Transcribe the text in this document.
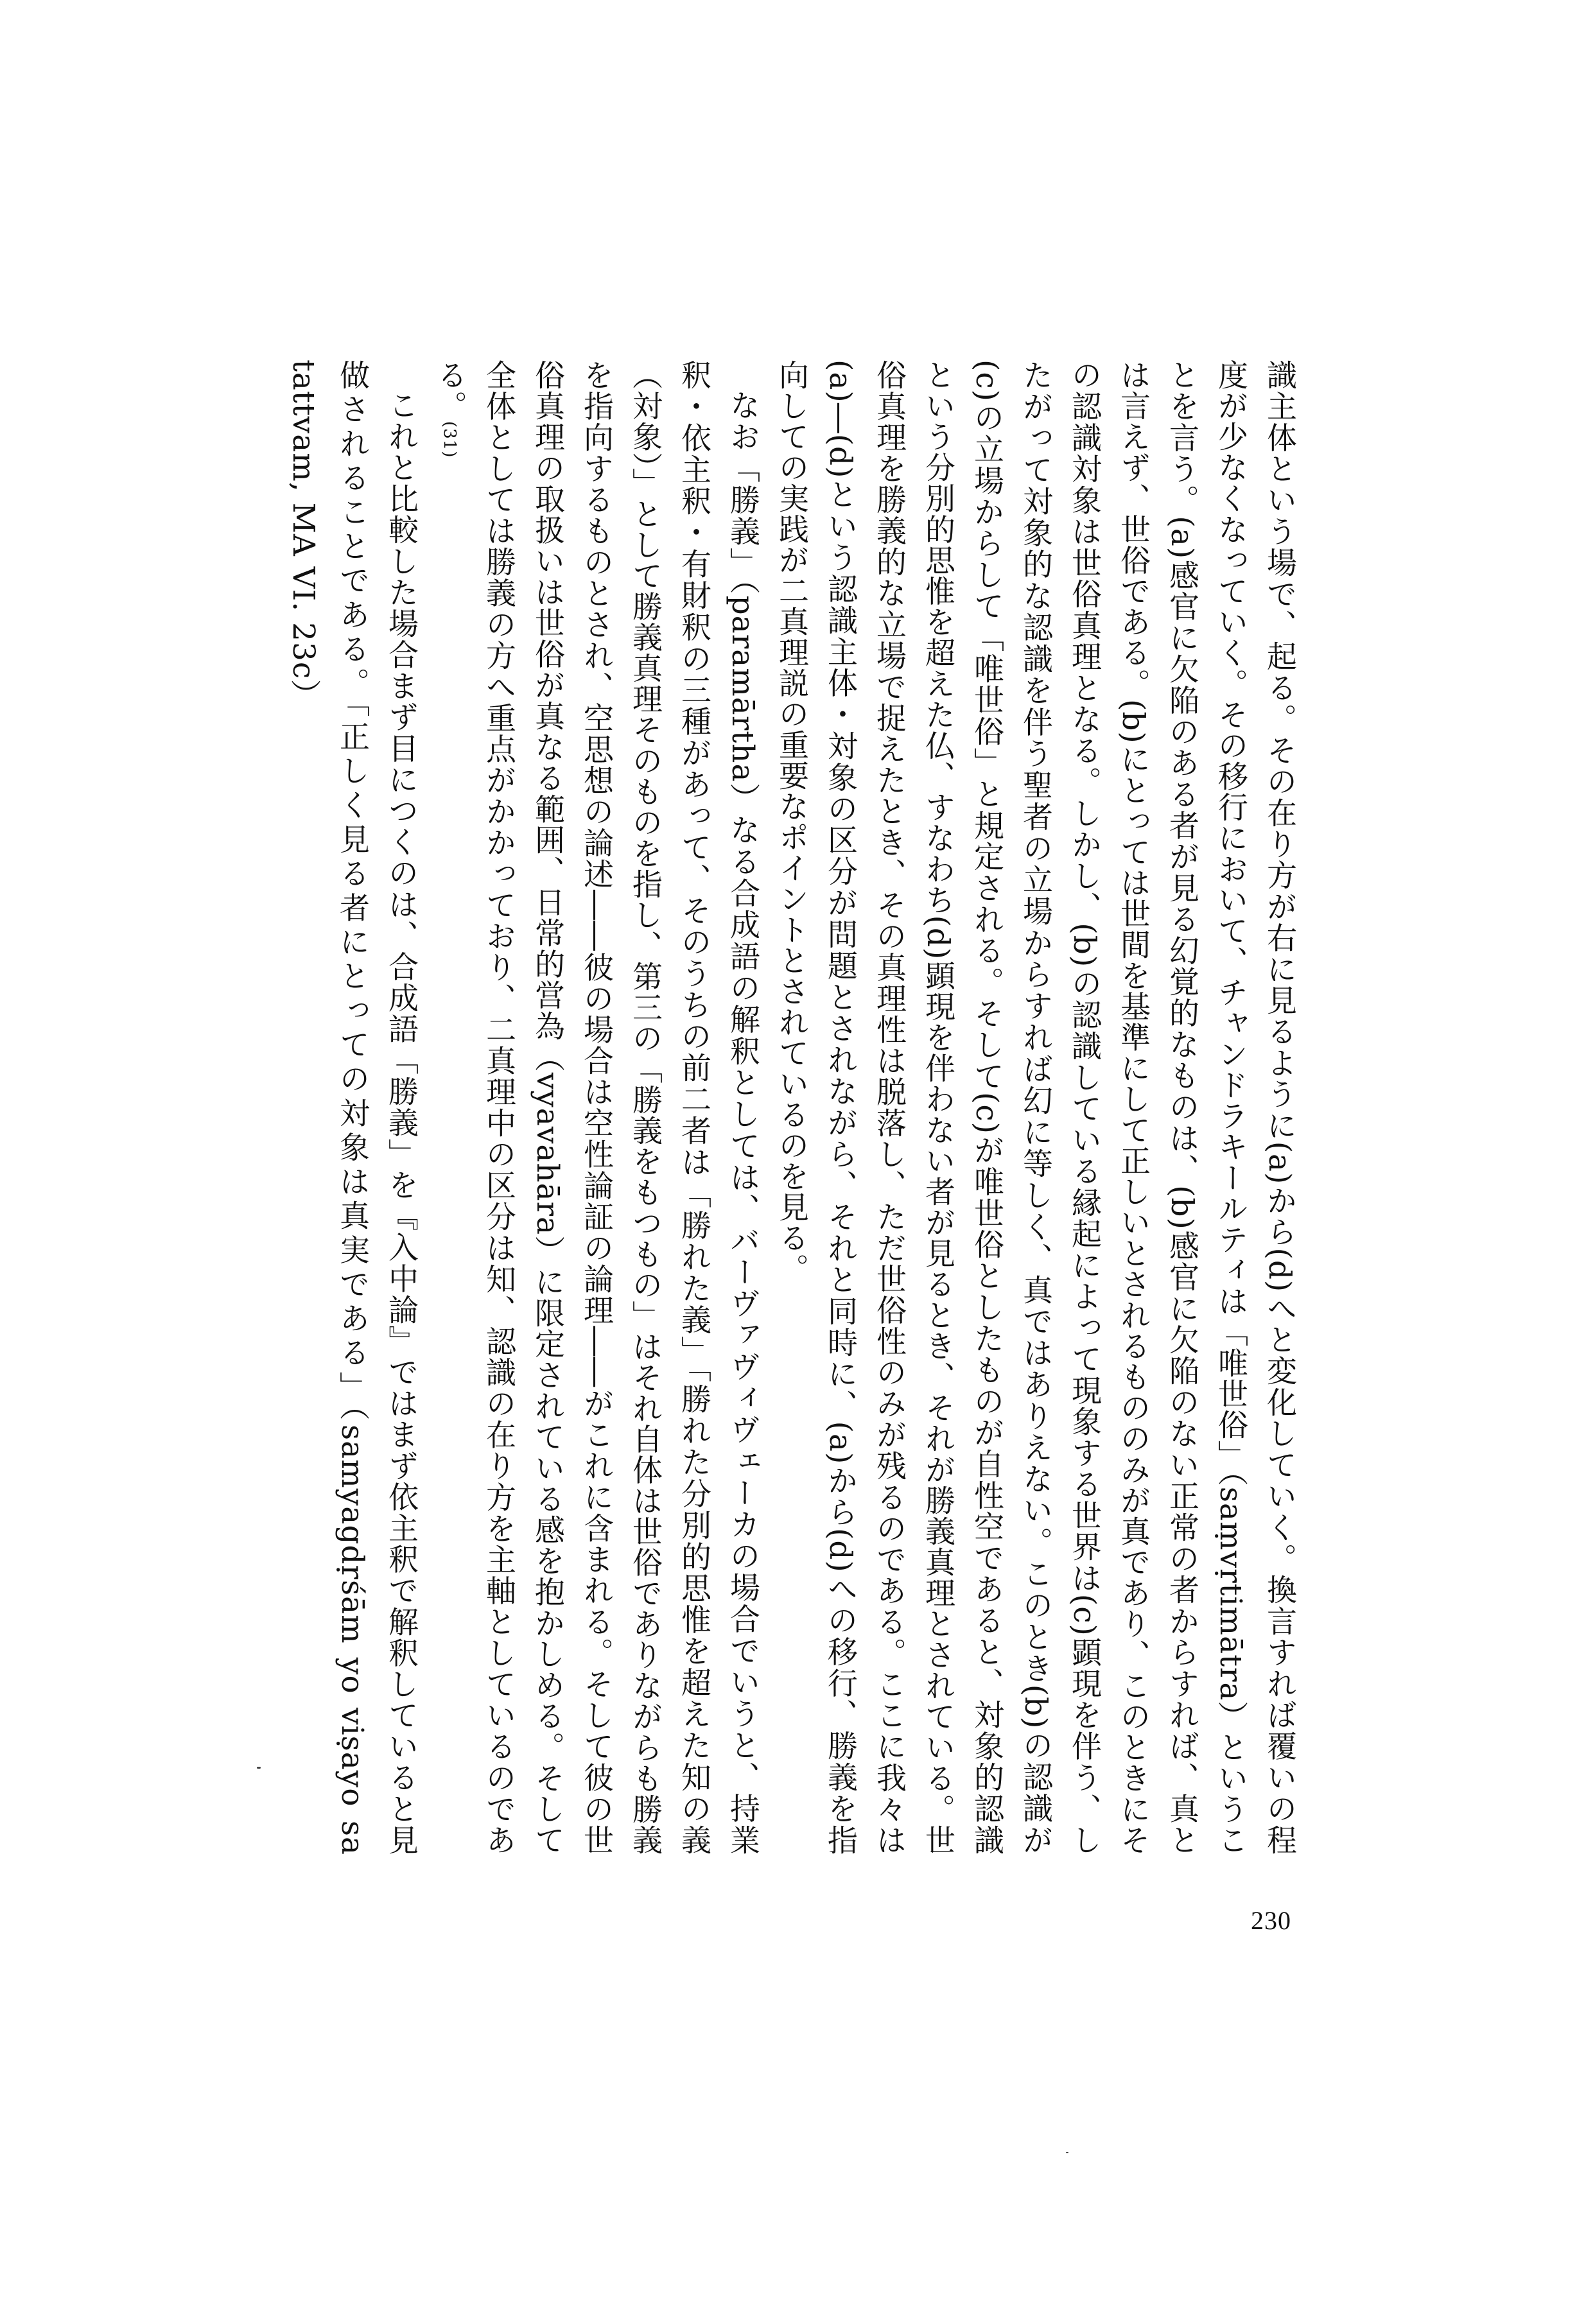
識主体という場で、起る。その在り方が右に見るように(a)から(d)へと変化していく。換言すれば覆いの程度が少なくなっていく。その移行において、チャンドラキールティは「唯世俗」（saṃvṛtimātra）ということを言う。(a)感官に欠陥のある者が見る幻覚的なものは、(b)感官に欠陥のない正常の者からすれば、真とは言えず、世俗である。(b)にとっては世間を基準にして正しいとされるもののみが真であり、このときにその認識対象は世俗真理となる。しかし、(b)の認識している縁起によって現象する世界は(c)顕現を伴う、したがって対象的な認識を伴う聖者の立場からすれば幻に等しく、真ではありえない。このとき(b)の認識が(c)の立場からして「唯世俗」と規定される。そして(c)が唯世俗としたものが自性空であると、対象的認識という分別的思惟を超えた仏、すなわち(d)顕現を伴わない者が見るとき、それが勝義真理とされている。世俗真理を勝義的な立場で捉えたとき、その真理性は脱落し、ただ世俗性のみが残るのである。ここに我々は(a)―(d)という認識主体・対象の区分が問題とされながら、それと同時に、(a)から(d)への移行、勝義を指向しての実践が二真理説の重要なポイントとされているのを見る。

なお「勝義」（paramārtha）なる合成語の解釈としては、バーヴァヴィヴェーカの場合でいうと、持業釈・依主釈・有財釈の三種があって、そのうちの前二者は「勝れた義」「勝れた分別的思惟を超えた知の義（対象）」として勝義真理そのものを指し、第三の「勝義をもつもの」はそれ自体は世俗でありながらも勝義を指向するものとされ、空思想の論述――彼の場合は空性論証の論理――がこれに含まれる。そして彼の世俗真理の取扱いは世俗が真なる範囲、日常的営為（vyavahāra）に限定されている感を抱かしめる。そして全体としては勝義の方へ重点がかかっており、二真理中の区分は知、認識の在り方を主軸としているのである。(31)

これと比較した場合まず目につくのは、合成語「勝義」を『入中論』ではまず依主釈で解釈していると見做されることである。「正しく見る者にとっての対象は真実である」（samyagdṛśām yo viṣayo sa tattvam, MA VI. 23c）

230
